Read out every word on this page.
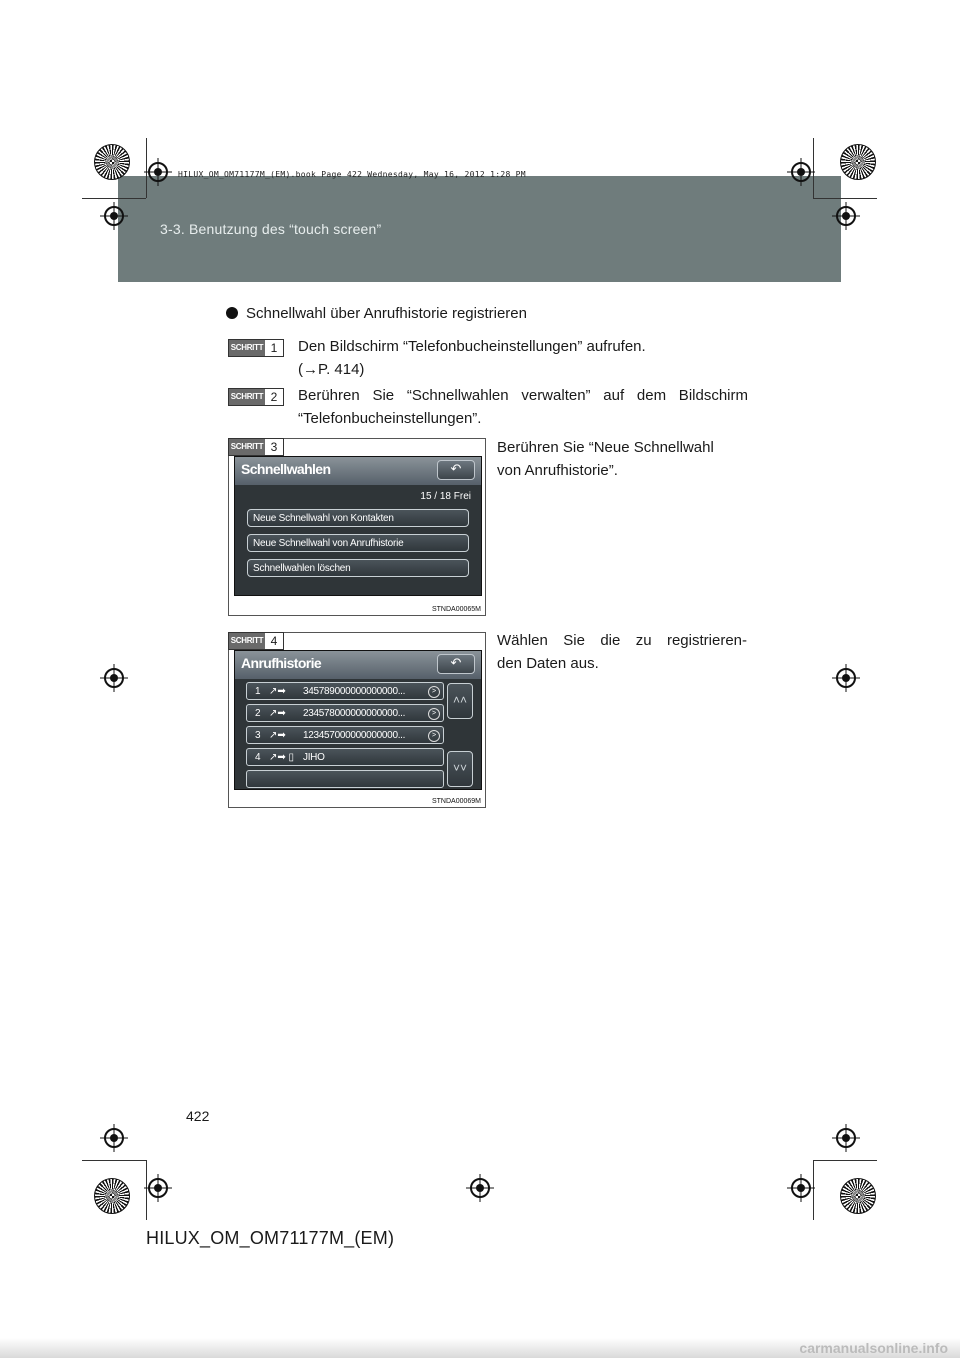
3-3. Benutzung des “touch screen”
HILUX_OM_OM71177M_(EM).book Page 422 Wednesday, May 16, 2012 1:28 PM
Schnellwahl über Anrufhistorie registrieren
SCHRITT 1	Den Bildschirm “Telefonbucheinstellungen” aufrufen.
(→P. 414)
SCHRITT 2	Berühren Sie “Schnellwahlen verwalten” auf dem Bildschirm
“Telefonbucheinstellungen”.
SCHRITT 3
Schnellwahlen	↶
15 / 18 Frei
Neue Schnellwahl von Kontakten
Neue Schnellwahl von Anrufhistorie
Schnellwahlen löschen
STNDA00065M
Berühren Sie “Neue Schnellwahl
von Anrufhistorie”.
SCHRITT 4
Anrufhistorie	↶
1 ↗➡ 345789000000000000...	>
2 ↗➡ 234578000000000000...	>
3 ↗➡ 123457000000000000...	>
4 ↗➡ ▯ JIHO
˄˄
˅˅
STNDA00069M
Wählen Sie die zu registrieren-
den Daten aus.
422
HILUX_OM_OM71177M_(EM)
carmanualsonline.info
